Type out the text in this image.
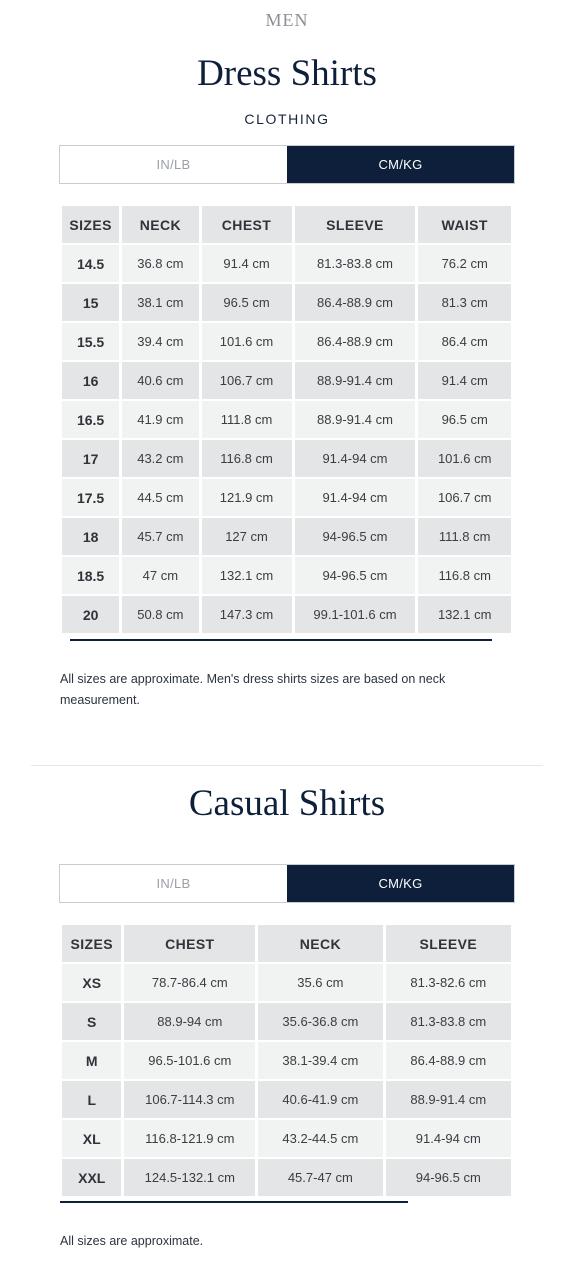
MEN
Dress Shirts
CLOTHING
IN/LB	CM/KG
SIZES	NECK	CHEST	SLEEVE	WAIST
14.5	36.8 cm	91.4 cm	81.3-83.8 cm	76.2 cm
15	38.1 cm	96.5 cm	86.4-88.9 cm	81.3 cm
15.5	39.4 cm	101.6 cm	86.4-88.9 cm	86.4 cm
16	40.6 cm	106.7 cm	88.9-91.4 cm	91.4 cm
16.5	41.9 cm	111.8 cm	88.9-91.4 cm	96.5 cm
17	43.2 cm	116.8 cm	91.4-94 cm	101.6 cm
17.5	44.5 cm	121.9 cm	91.4-94 cm	106.7 cm
18	45.7 cm	127 cm	94-96.5 cm	111.8 cm
18.5	47 cm	132.1 cm	94-96.5 cm	116.8 cm
20	50.8 cm	147.3 cm	99.1-101.6 cm	132.1 cm
All sizes are approximate. Men's dress shirts sizes are based on neck measurement.
Casual Shirts
IN/LB	CM/KG
SIZES	CHEST	NECK	SLEEVE
XS	78.7-86.4 cm	35.6 cm	81.3-82.6 cm
S	88.9-94 cm	35.6-36.8 cm	81.3-83.8 cm
M	96.5-101.6 cm	38.1-39.4 cm	86.4-88.9 cm
L	106.7-114.3 cm	40.6-41.9 cm	88.9-91.4 cm
XL	116.8-121.9 cm	43.2-44.5 cm	91.4-94 cm
XXL	124.5-132.1 cm	45.7-47 cm	94-96.5 cm
All sizes are approximate.
